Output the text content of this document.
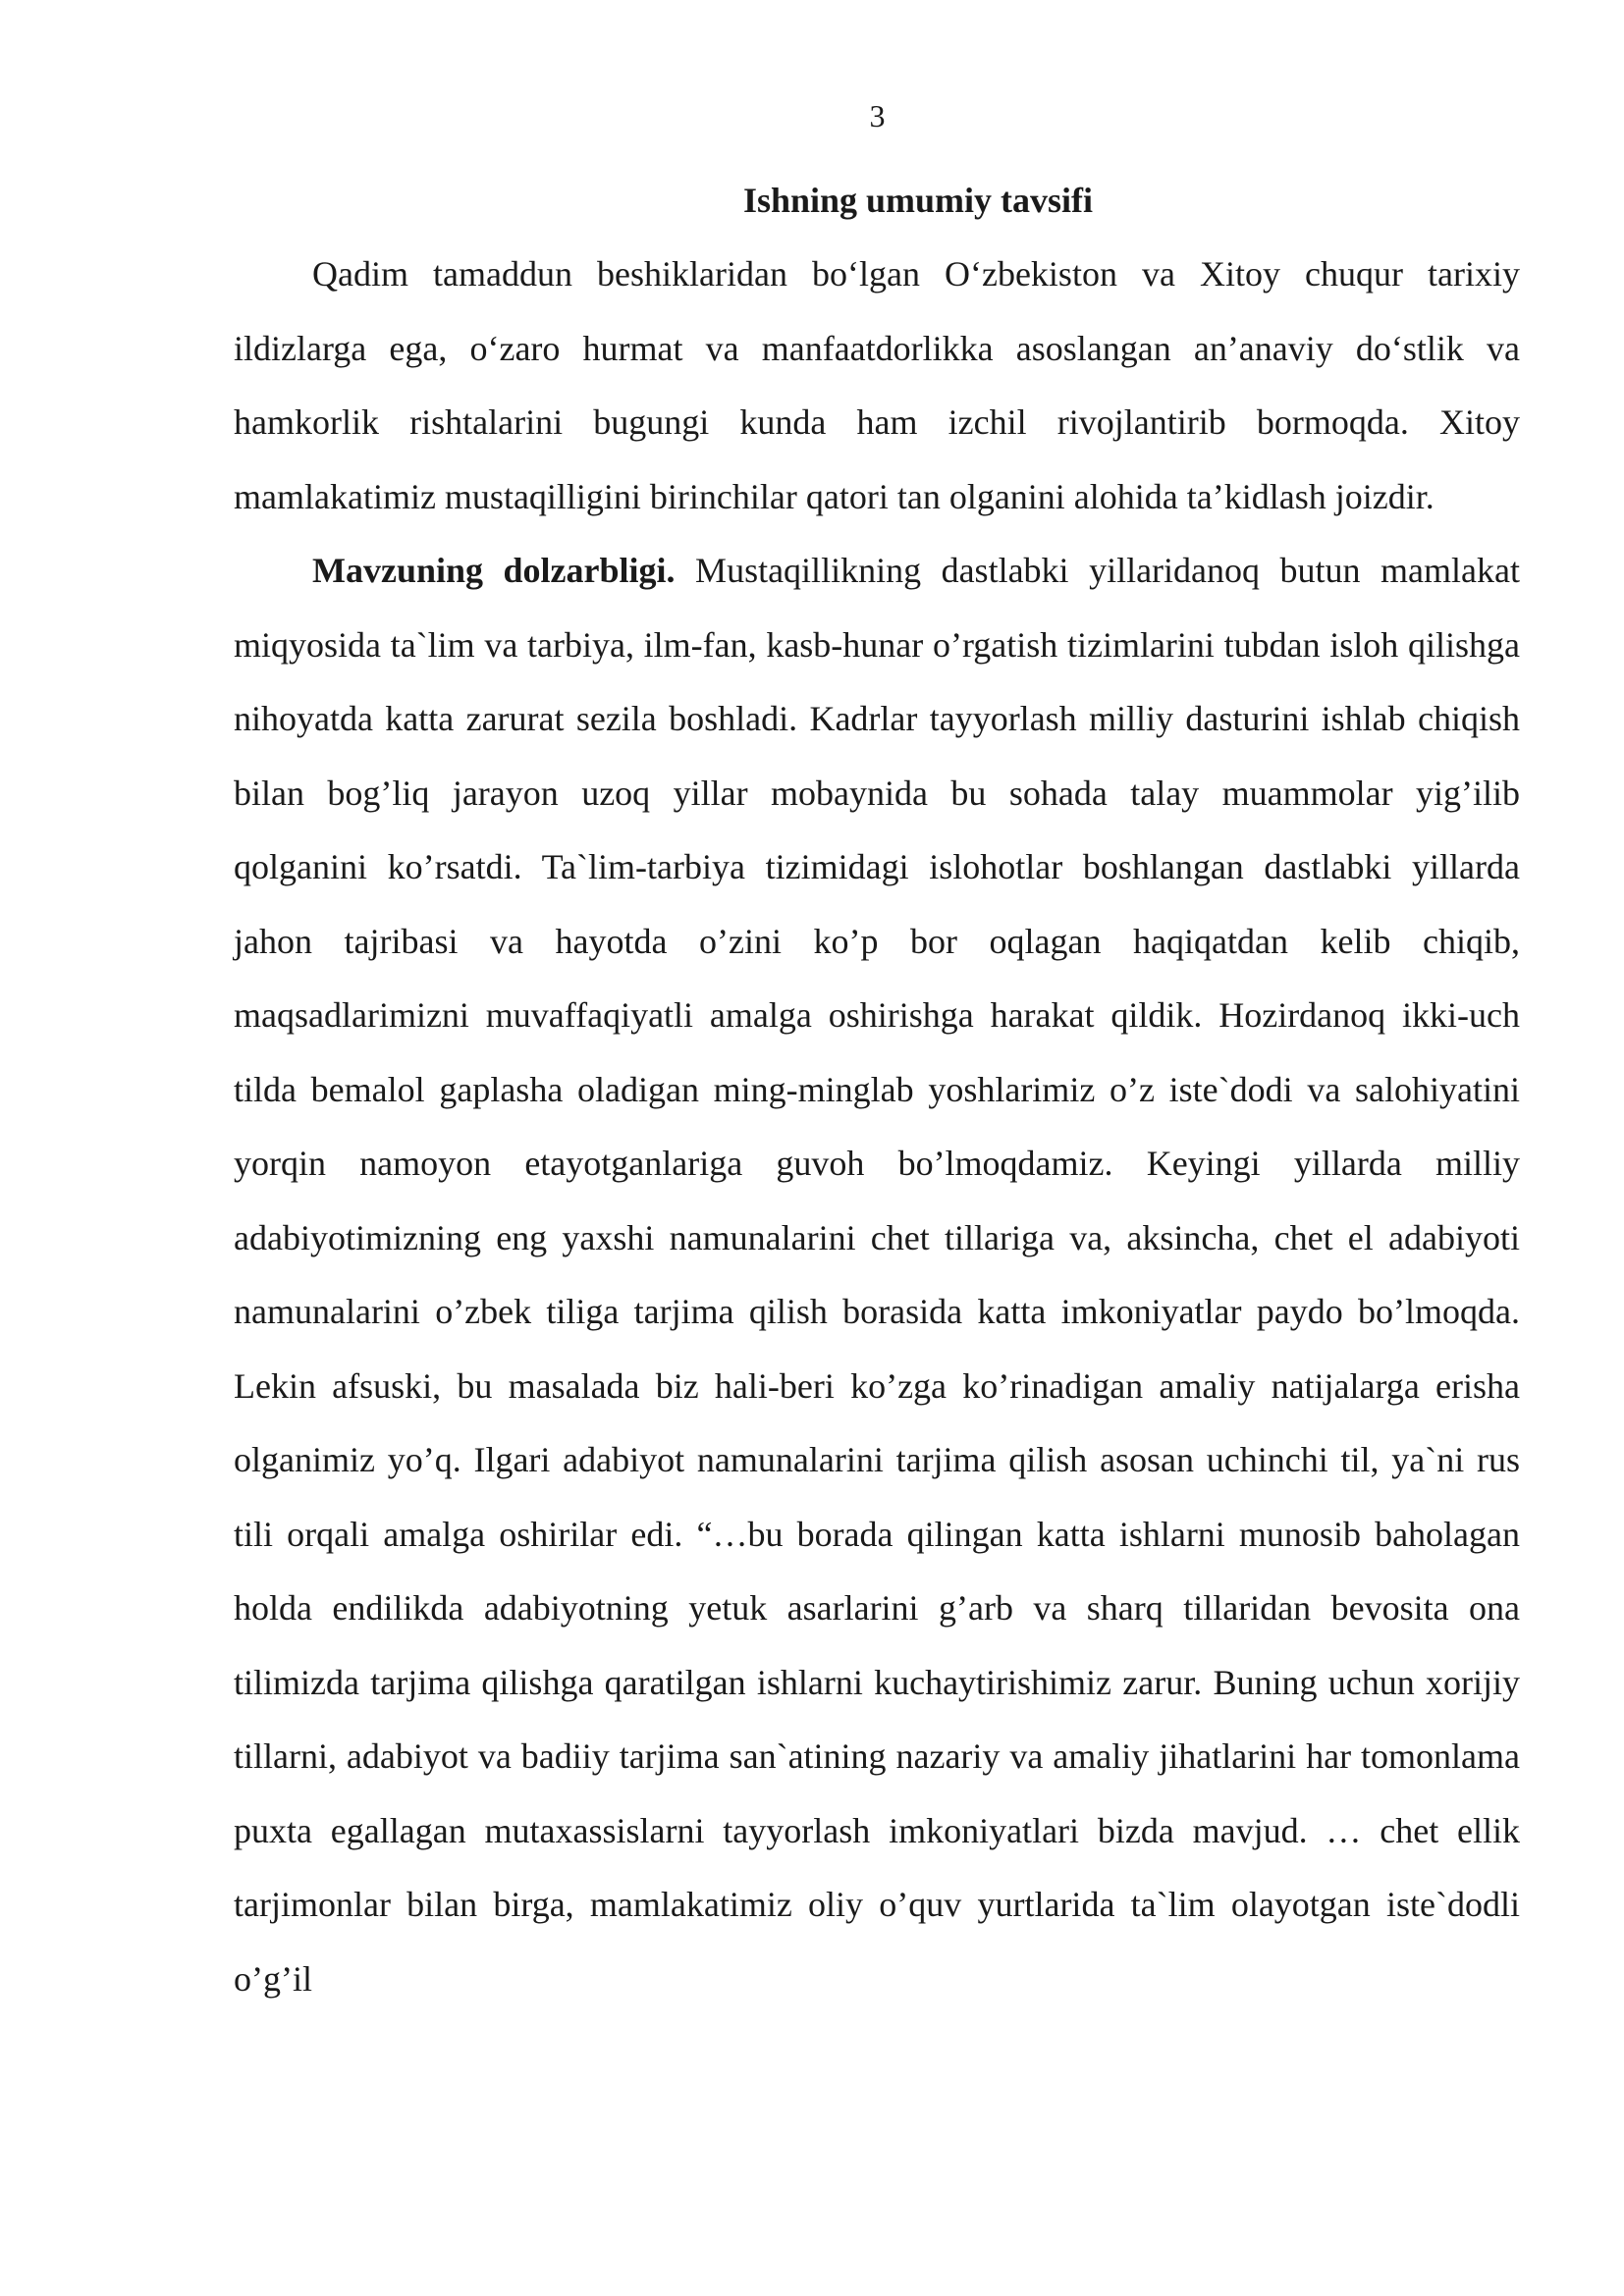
3
Ishning umumiy tavsifi

Qadim tamaddun beshiklaridan bo‘lgan O‘zbekiston va Xitoy chuqur tarixiy ildizlarga ega, o‘zaro hurmat va manfaatdorlikka asoslangan an’anaviy do‘stlik va hamkorlik rishtalarini bugungi kunda ham izchil rivojlantirib bormoqda. Xitoy mamlakatimiz mustaqilligini birinchilar qatori tan olganini alohida ta’kidlash joizdir.

Mavzuning dolzarbligi. Mustaqillikning dastlabki yillaridanoq butun mamlakat miqyosida ta`lim va tarbiya, ilm-fan, kasb-hunar o’rgatish tizimlarini tubdan isloh qilishga nihoyatda katta zarurat sezila boshladi. Kadrlar tayyorlash milliy dasturini ishlab chiqish bilan bog’liq jarayon uzoq yillar mobaynida bu sohada talay muammolar yig’ilib qolganini ko’rsatdi. Ta`lim-tarbiya tizimidagi islohotlar boshlangan dastlabki yillarda jahon tajribasi va hayotda o’zini ko’p bor oqlagan haqiqatdan kelib chiqib, maqsadlarimizni muvaffaqiyatli amalga oshirishga harakat qildik. Hozirdanoq ikki-uch tilda bemalol gaplasha oladigan ming-minglab yoshlarimiz o’z iste`dodi va salohiyatini yorqin namoyon etayotganlariga guvoh bo’lmoqdamiz. Keyingi yillarda milliy adabiyotimizning eng yaxshi namunalarini chet tillariga va, aksincha, chet el adabiyoti namunalarini o’zbek tiliga tarjima qilish borasida katta imkoniyatlar paydo bo’lmoqda. Lekin afsuski, bu masalada biz hali-beri ko’zga ko’rinadigan amaliy natijalarga erisha olganimiz yo’q. Ilgari adabiyot namunalarini tarjima qilish asosan uchinchi til, ya`ni rus tili orqali amalga oshirilar edi. “…bu borada qilingan katta ishlarni munosib baholagan holda endilikda adabiyotning yetuk asarlarini g’arb va sharq tillaridan bevosita ona tilimizda tarjima qilishga qaratilgan ishlarni kuchaytirishimiz zarur. Buning uchun xorijiy tillarni, adabiyot va badiiy tarjima san`atining nazariy va amaliy jihatlarini har tomonlama puxta egallagan mutaxassislarni tayyorlash imkoniyatlari bizda mavjud. … chet ellik tarjimonlar bilan birga, mamlakatimiz oliy o’quv yurtlarida ta`lim olayotgan iste`dodli o’g’il
